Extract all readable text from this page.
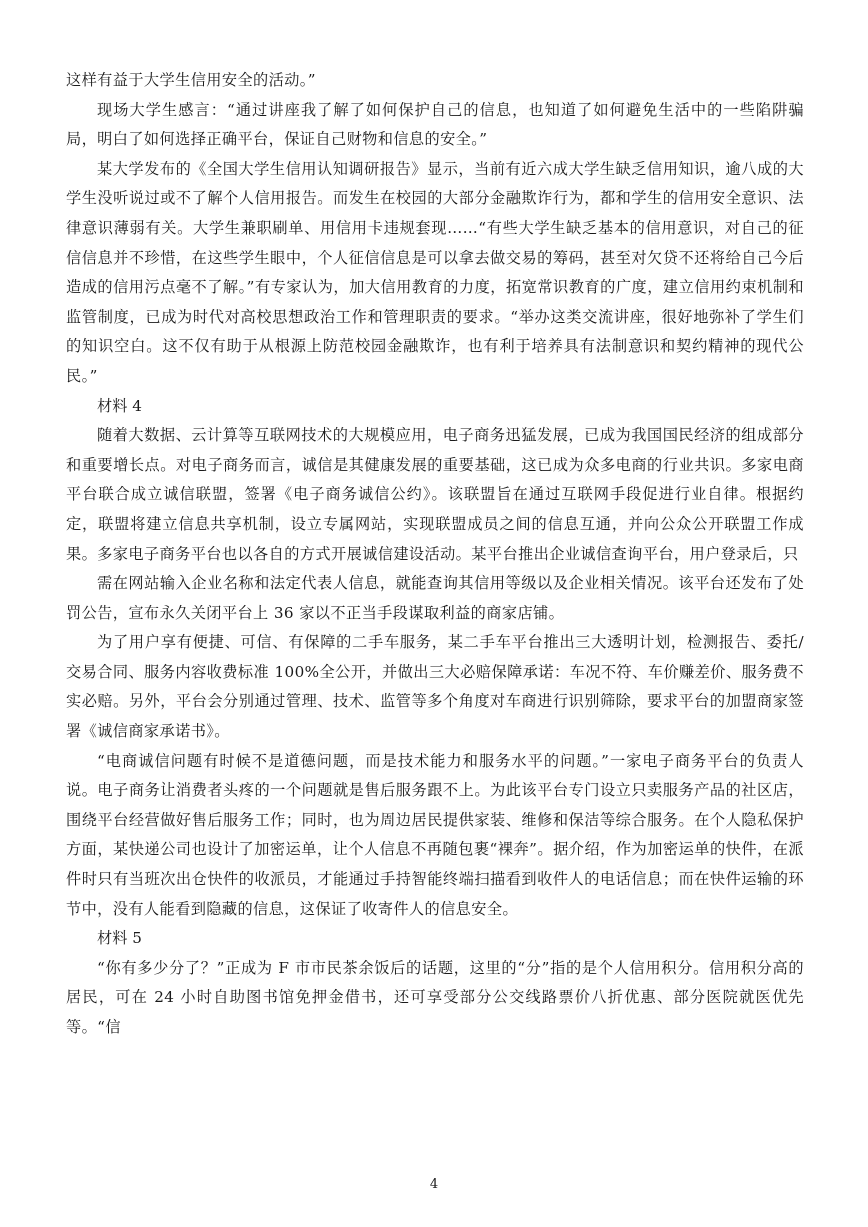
这样有益于大学生信用安全的活动。”

现场大学生感言：“通过讲座我了解了如何保护自己的信息，也知道了如何避免生活中的一些陷阱骗局，明白了如何选择正确平台，保证自己财物和信息的安全。”

某大学发布的《全国大学生信用认知调研报告》显示，当前有近六成大学生缺乏信用知识，逾八成的大学生没听说过或不了解个人信用报告。而发生在校园的大部分金融欺诈行为，都和学生的信用安全意识、法律意识薄弱有关。大学生兼职刷单、用信用卡违规套现……“有些大学生缺乏基本的信用意识，对自己的征信信息并不珍惜，在这些学生眼中，个人征信信息是可以拿去做交易的筹码，甚至对欠贷不还将给自己今后造成的信用污点毫不了解。”有专家认为，加大信用教育的力度，拓宽常识教育的广度，建立信用约束机制和监管制度，已成为时代对高校思想政治工作和管理职责的要求。“举办这类交流讲座，很好地弥补了学生们的知识空白。这不仅有助于从根源上防范校园金融欺诈，也有利于培养具有法制意识和契约精神的现代公民。”

材料 4

随着大数据、云计算等互联网技术的大规模应用，电子商务迅猛发展，已成为我国国民经济的组成部分和重要增长点。对电子商务而言，诚信是其健康发展的重要基础，这已成为众多电商的行业共识。多家电商平台联合成立诚信联盟，签署《电子商务诚信公约》。该联盟旨在通过互联网手段促进行业自律。根据约定，联盟将建立信息共享机制，设立专属网站，实现联盟成员之间的信息互通，并向公众公开联盟工作成果。多家电子商务平台也以各自的方式开展诚信建设活动。某平台推出企业诚信查询平台，用户登录后，只

需在网站输入企业名称和法定代表人信息，就能查询其信用等级以及企业相关情况。该平台还发布了处罚公告，宣布永久关闭平台上 36 家以不正当手段谋取利益的商家店铺。

为了用户享有便捷、可信、有保障的二手车服务，某二手车平台推出三大透明计划，检测报告、委托/ 交易合同、服务内容收费标准 100%全公开，并做出三大必赔保障承诺：车况不符、车价赚差价、服务费不实必赔。另外，平台会分别通过管理、技术、监管等多个角度对车商进行识别筛除，要求平台的加盟商家签署《诚信商家承诺书》。

“电商诚信问题有时候不是道德问题，而是技术能力和服务水平的问题。”一家电子商务平台的负责人说。电子商务让消费者头疼的一个问题就是售后服务跟不上。为此该平台专门设立只卖服务产品的社区店， 围绕平台经营做好售后服务工作；同时，也为周边居民提供家装、维修和保洁等综合服务。在个人隐私保护方面，某快递公司也设计了加密运单，让个人信息不再随包裹“裸奔”。据介绍，作为加密运单的快件，在派件时只有当班次出仓快件的收派员，才能通过手持智能终端扫描看到收件人的电话信息；而在快件运输的环节中，没有人能看到隐藏的信息，这保证了收寄件人的信息安全。

材料 5

“你有多少分了？”正成为 F 市市民茶余饭后的话题，这里的“分”指的是个人信用积分。信用积分高的居民，可在 24 小时自助图书馆免押金借书，还可享受部分公交线路票价八折优惠、部分医院就医优先等。“信

4
